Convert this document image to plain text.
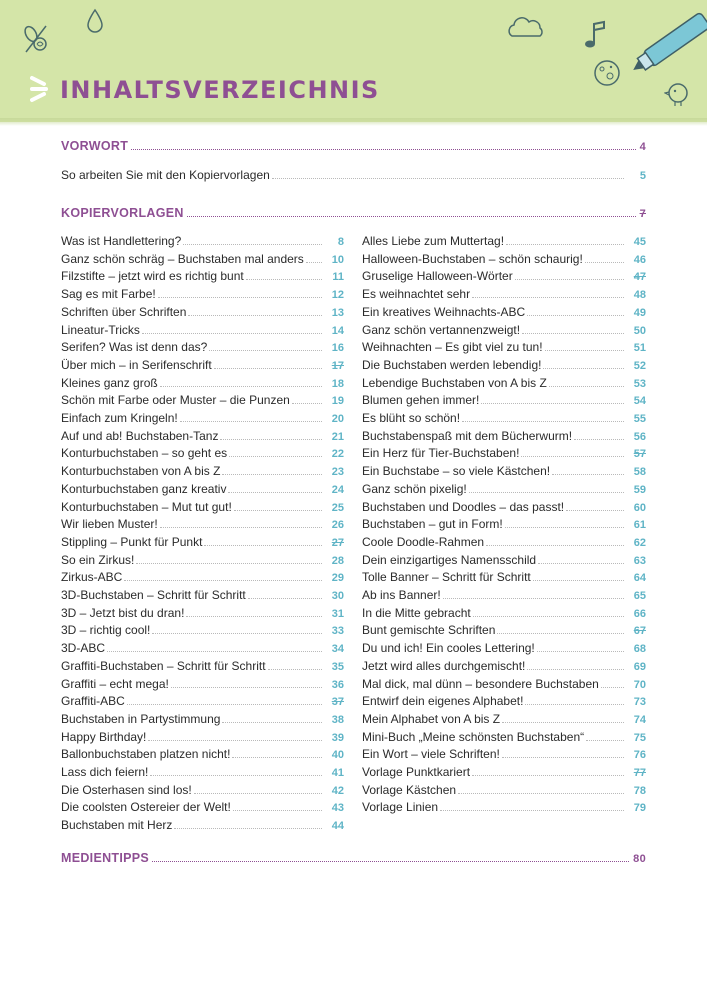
INHALTSVERZEICHNIS
VORWORT	4
So arbeiten Sie mit den Kopiervorlagen	5
KOPIERVORLAGEN	7
Was ist Handlettering?	8
Ganz schön schräg – Buchstaben mal anders	10
Filzstifte – jetzt wird es richtig bunt	11
Sag es mit Farbe!	12
Schriften über Schriften	13
Lineatur-Tricks	14
Serifen? Was ist denn das?	16
Über mich – in Serifenschrift	17
Kleines ganz groß	18
Schön mit Farbe oder Muster – die Punzen	19
Einfach zum Kringeln!	20
Auf und ab! Buchstaben-Tanz	21
Konturbuchstaben – so geht es	22
Konturbuchstaben von A bis Z	23
Konturbuchstaben ganz kreativ	24
Konturbuchstaben – Mut tut gut!	25
Wir lieben Muster!	26
Stippling – Punkt für Punkt	27
So ein Zirkus!	28
Zirkus-ABC	29
3D-Buchstaben – Schritt für Schritt	30
3D – Jetzt bist du dran!	31
3D – richtig cool!	33
3D-ABC	34
Graffiti-Buchstaben – Schritt für Schritt	35
Graffiti – echt mega!	36
Graffiti-ABC	37
Buchstaben in Partystimmung	38
Happy Birthday!	39
Ballonbuchstaben platzen nicht!	40
Lass dich feiern!	41
Die Osterhasen sind los!	42
Die coolsten Ostereier der Welt!	43
Buchstaben mit Herz	44
Alles Liebe zum Muttertag!	45
Halloween-Buchstaben – schön schaurig!	46
Gruselige Halloween-Wörter	47
Es weihnachtet sehr	48
Ein kreatives Weihnachts-ABC	49
Ganz schön vertannenzweigt!	50
Weihnachten – Es gibt viel zu tun!	51
Die Buchstaben werden lebendig!	52
Lebendige Buchstaben von A bis Z	53
Blumen gehen immer!	54
Es blüht so schön!	55
Buchstabenspaß mit dem Bücherwurm!	56
Ein Herz für Tier-Buchstaben!	57
Ein Buchstabe – so viele Kästchen!	58
Ganz schön pixelig!	59
Buchstaben und Doodles – das passt!	60
Buchstaben – gut in Form!	61
Coole Doodle-Rahmen	62
Dein einzigartiges Namensschild	63
Tolle Banner – Schritt für Schritt	64
Ab ins Banner!	65
In die Mitte gebracht	66
Bunt gemischte Schriften	67
Du und ich! Ein cooles Lettering!	68
Jetzt wird alles durchgemischt!	69
Mal dick, mal dünn – besondere Buchstaben	70
Entwirf dein eigenes Alphabet!	73
Mein Alphabet von A bis Z	74
Mini-Buch „Meine schönsten Buchstaben“	75
Ein Wort – viele Schriften!	76
Vorlage Punktkariert	77
Vorlage Kästchen	78
Vorlage Linien	79
MEDIENTIPPS	80
